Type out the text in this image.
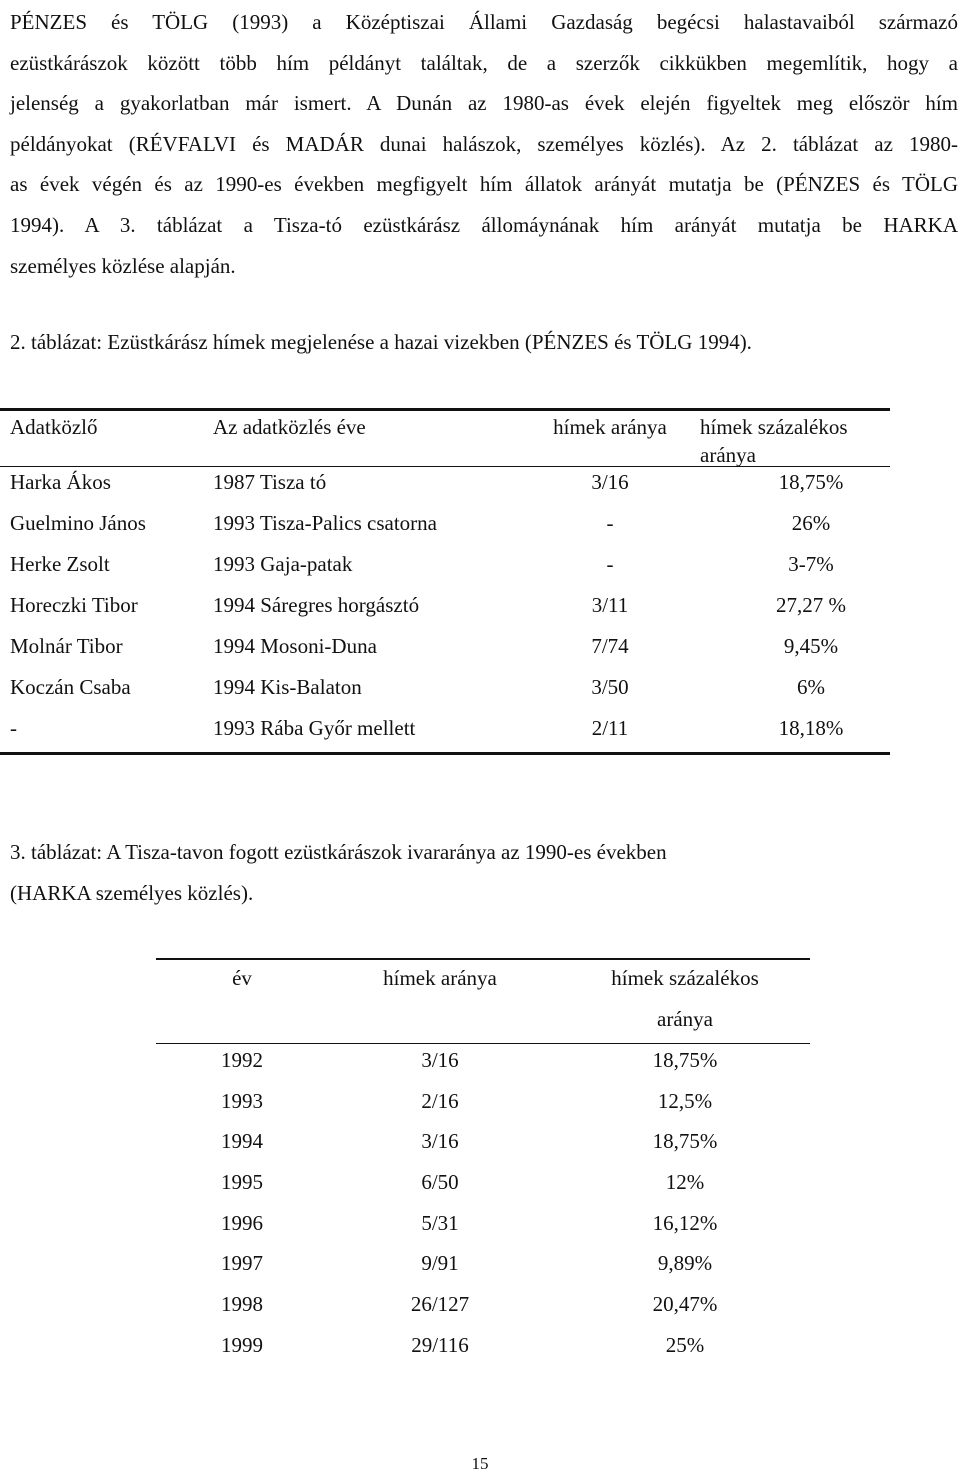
PÉNZES és TÖLG (1993) a Középtiszai Állami Gazdaság begécsi halastavaiból származó
ezüstkárászok között több hím példányt találtak, de a szerzők cikkükben megemlítik, hogy a
jelenség a gyakorlatban már ismert. A Dunán az 1980-as évek elején figyeltek meg először hím
példányokat (RÉVFALVI és MADÁR dunai halászok, személyes közlés). Az 2. táblázat az 1980-
as évek végén és az 1990-es években megfigyelt hím állatok arányát mutatja be (PÉNZES és TÖLG
1994). A 3. táblázat a Tisza-tó ezüstkárász állomáynának hím arányát mutatja be HARKA
személyes közlése alapján.

2. táblázat: Ezüstkárász hímek megjelenése a hazai vizekben (PÉNZES és TÖLG 1994).

Adatközlő	Az adatközlés éve	hímek aránya	hímek százalékos
aránya
Harka Ákos	1987 Tisza tó	3/16	18,75%
Guelmino János	1993 Tisza-Palics csatorna	-	26%
Herke Zsolt	1993 Gaja-patak	-	3-7%
Horeczki Tibor	1994 Sáregres horgásztó	3/11	27,27 %
Molnár Tibor	1994 Mosoni-Duna	7/74	9,45%
Koczán Csaba	1994 Kis-Balaton	3/50	6%
-	1993 Rába Győr mellett	2/11	18,18%
3. táblázat: A Tisza-tavon fogott ezüstkárászok ivararánya az 1990-es években
(HARKA személyes közlés).
év	hímek aránya	hímek százalékos
aránya
1992	3/16	18,75%
1993	2/16	12,5%
1994	3/16	18,75%
1995	6/50	12%
1996	5/31	16,12%
1997	9/91	9,89%
1998	26/127	20,47%
1999	29/116	25%
15
